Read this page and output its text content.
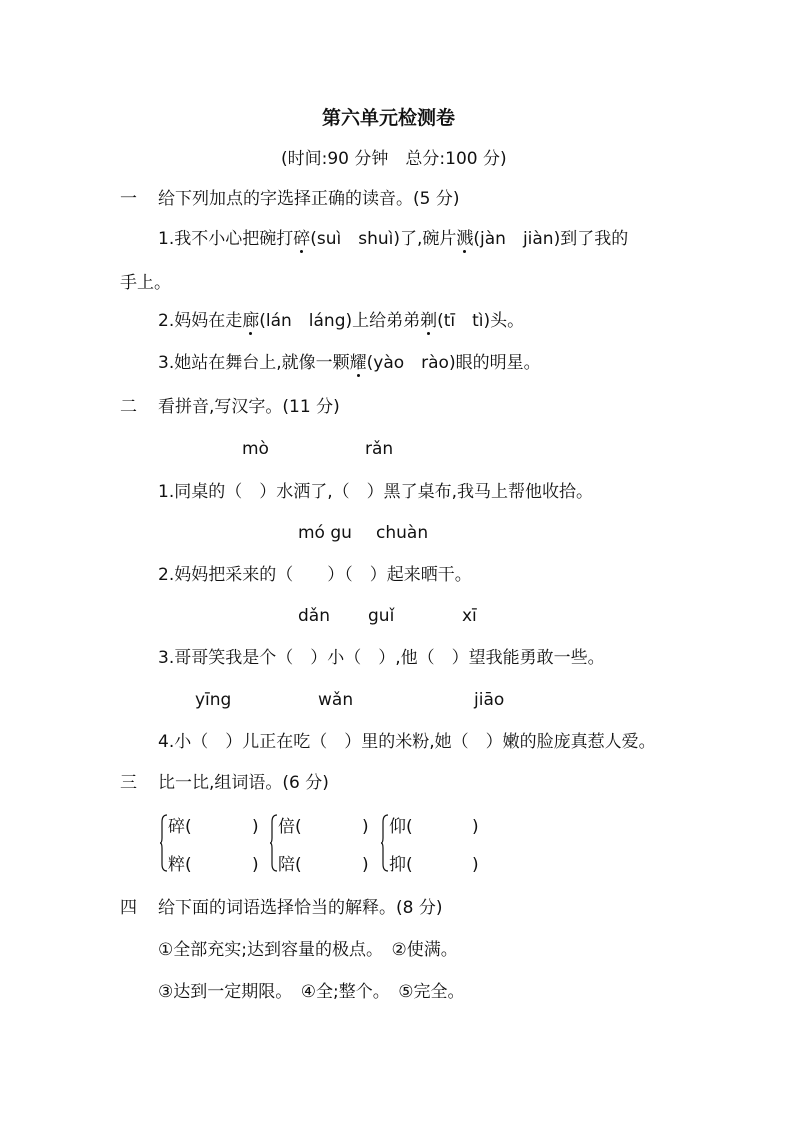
第六单元检测卷
(时间:90 分钟　总分:100 分)
一 给下列加点的字选择正确的读音。(5 分)
1.我不小心把碗打碎(suì　shuì)了,碗片溅(jàn　jiàn)到了我的
手上。
2.妈妈在走廊(lán　láng)上给弟弟剃(tī　tì)头。
3.她站在舞台上,就像一颗耀(yào　rào)眼的明星。
二 看拼音,写汉字。(11 分)
mò	rǎn
1.同桌的（　）水洒了,（　）黑了桌布,我马上帮他收拾。
mó gu chuàn
2.妈妈把采来的（　　）（　）起来晒干。
dǎn guǐ	xī
3.哥哥笑我是个（　）小（　）,他（　）望我能勇敢一些。
yīng	wǎn	jiāo
4.小（　）儿正在吃（　）里的米粉,她（　）嫩的脸庞真惹人爱。
三 比一比,组词语。(6 分)
碎(	)
粹(	)
倍(	)
陪(	)
仰(	)
抑(	)
四 给下面的词语选择恰当的解释。(8 分)
①全部充实;达到容量的极点。　②使满。
③达到一定期限。　④全;整个。　⑤完全。
